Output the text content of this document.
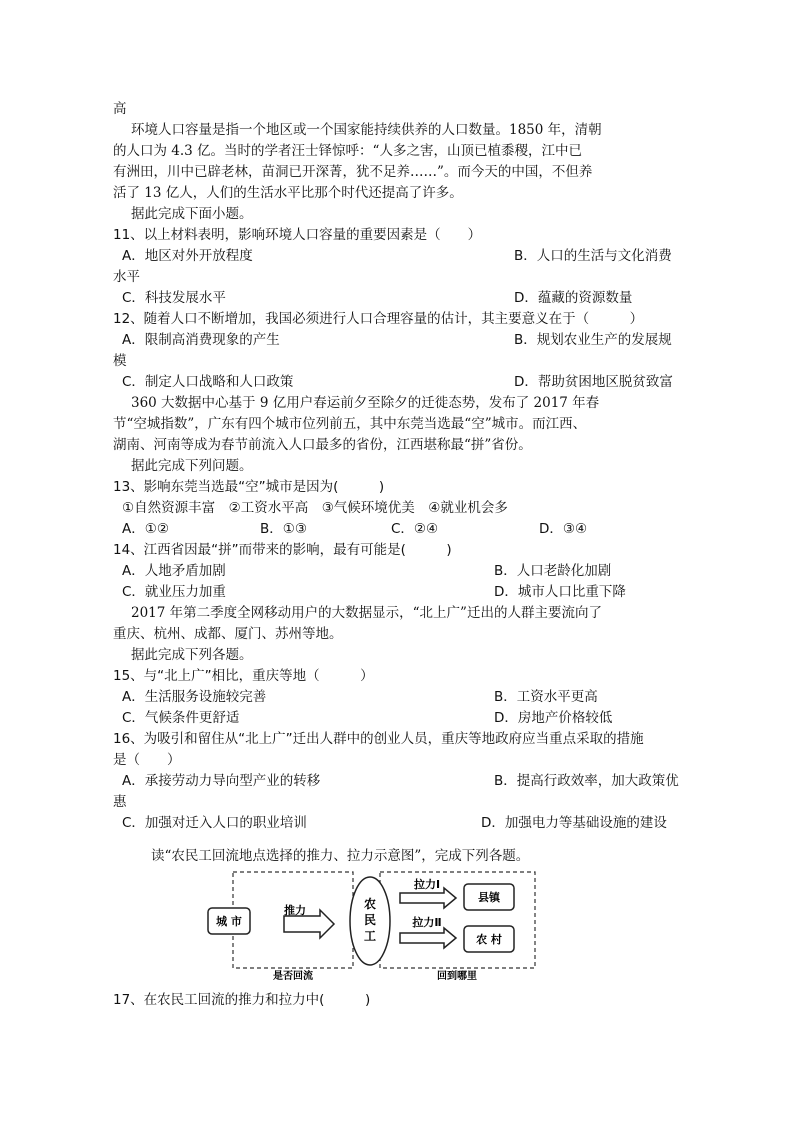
高
环境人口容量是指一个地区或一个国家能持续供养的人口数量。1850 年，清朝
的人口为 4.3 亿。当时的学者汪士铎惊呼：“人多之害，山顶已植黍稷，江中已
有洲田，川中已辟老林，苗洞已开深菁，犹不足养……”。而今天的中国，不但养
活了 13 亿人，人们的生活水平比那个时代还提高了许多。
据此完成下面小题。
11、以上材料表明，影响环境人口容量的重要因素是（　　）
A．地区对外开放程度	B．人口的生活与文化消费
水平
C．科技发展水平	D．蕴藏的资源数量
12、随着人口不断增加，我国必须进行人口合理容量的估计，其主要意义在于（　　　）
A．限制高消费现象的产生	B．规划农业生产的发展规
模
C．制定人口战略和人口政策	D．帮助贫困地区脱贫致富
360 大数据中心基于 9 亿用户春运前夕至除夕的迁徙态势，发布了 2017 年春
节“空城指数”，广东有四个城市位列前五，其中东莞当选最“空”城市。而江西、
湖南、河南等成为春节前流入人口最多的省份，江西堪称最“拼”省份。
据此完成下列问题。
13、影响东莞当选最“空”城市是因为(　　　)
①自然资源丰富　②工资水平高　③气候环境优美　④就业机会多
A．①②	B．①③	C．②④	D．③④
14、江西省因最“拼”而带来的影响，最有可能是(　　　)
A．人地矛盾加剧	B．人口老龄化加剧
C．就业压力加重	D．城市人口比重下降
2017 年第二季度全网移动用户的大数据显示，“北上广”迁出的人群主要流向了
重庆、杭州、成都、厦门、苏州等地。
据此完成下列各题。
15、与“北上广”相比，重庆等地（　　　）
A．生活服务设施较完善	B．工资水平更高
C．气候条件更舒适	D．房地产价格较低
16、为吸引和留住从“北上广”迁出人群中的创业人员，重庆等地政府应当重点采取的措施
是（　　）
A．承接劳动力导向型产业的转移	B．提高行政效率，加大政策优
惠
C．加强对迁入人口的职业培训	D．加强电力等基础设施的建设
读“农民工回流地点选择的推力、拉力示意图”，完成下列各题。
城 市
推力	农
民
工
拉力Ⅰ
县镇
拉力Ⅱ
农 村
是否回流	回到哪里
17、在农民工回流的推力和拉力中(　　　)
